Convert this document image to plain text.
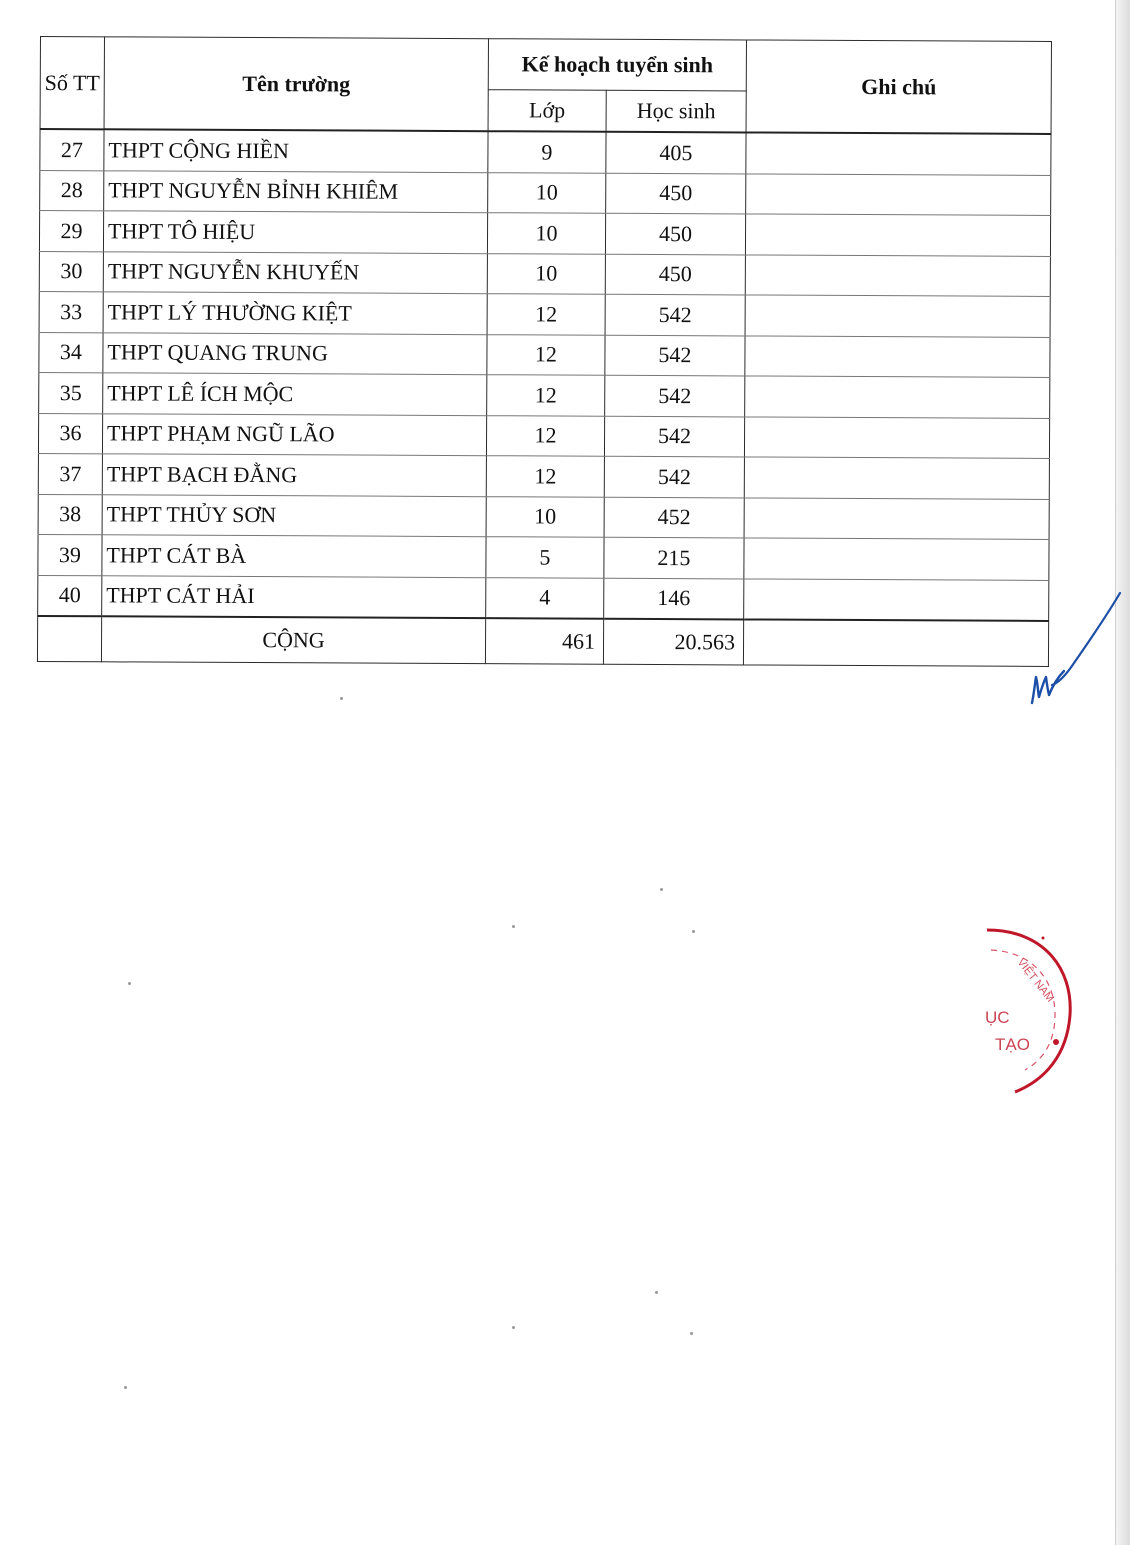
Số TT	Tên trường	Kế hoạch tuyển sinh		Ghi chú
		Lớp	Học sinh	
27	THPT CỘNG HIỀN	9	405	
28	THPT NGUYỄN BỈNH KHIÊM	10	450	
29	THPT TÔ HIỆU	10	450	
30	THPT NGUYỄN KHUYẾN	10	450	
33	THPT LÝ THƯỜNG KIỆT	12	542	
34	THPT QUANG TRUNG	12	542	
35	THPT LÊ ÍCH MỘC	12	542	
36	THPT PHẠM NGŨ LÃO	12	542	
37	THPT BẠCH ĐẰNG	12	542	
38	THPT THỦY SƠN	10	452	
39	THPT CÁT BÀ	5	215	
40	THPT CÁT HẢI	4	146	
	CỘNG	461	20.563	
ỤC
TẠO
VIỆT NAM
